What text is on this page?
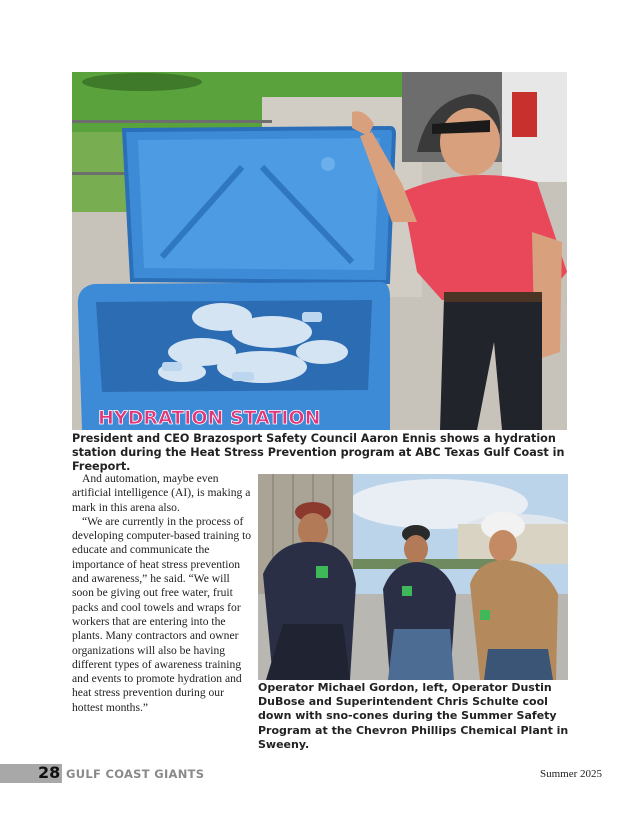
HYDRATION STATION
President and CEO Brazosport Safety Council Aaron Ennis shows a hydration station during the Heat Stress Prevention program at ABC Texas Gulf Coast in Freeport.

And automation, maybe even artificial intelligence (AI), is making a mark in this arena also.

“We are currently in the process of developing computer-based training to educate and communicate the importance of heat stress prevention and awareness,” he said. “We will soon be giving out free water, fruit packs and cool towels and wraps for workers that are entering into the plants. Many contractors and owner organizations will also be having different types of awareness training and events to promote hydration and heat stress prevention during our hottest months.”

Operator Michael Gordon, left, Operator Dustin DuBose and Superintendent Chris Schulte cool down with sno-cones during the Summer Safety Program at the Chevron Phillips Chemical Plant in Sweeny.
28 GULF COAST GIANTS	Summer 2025
